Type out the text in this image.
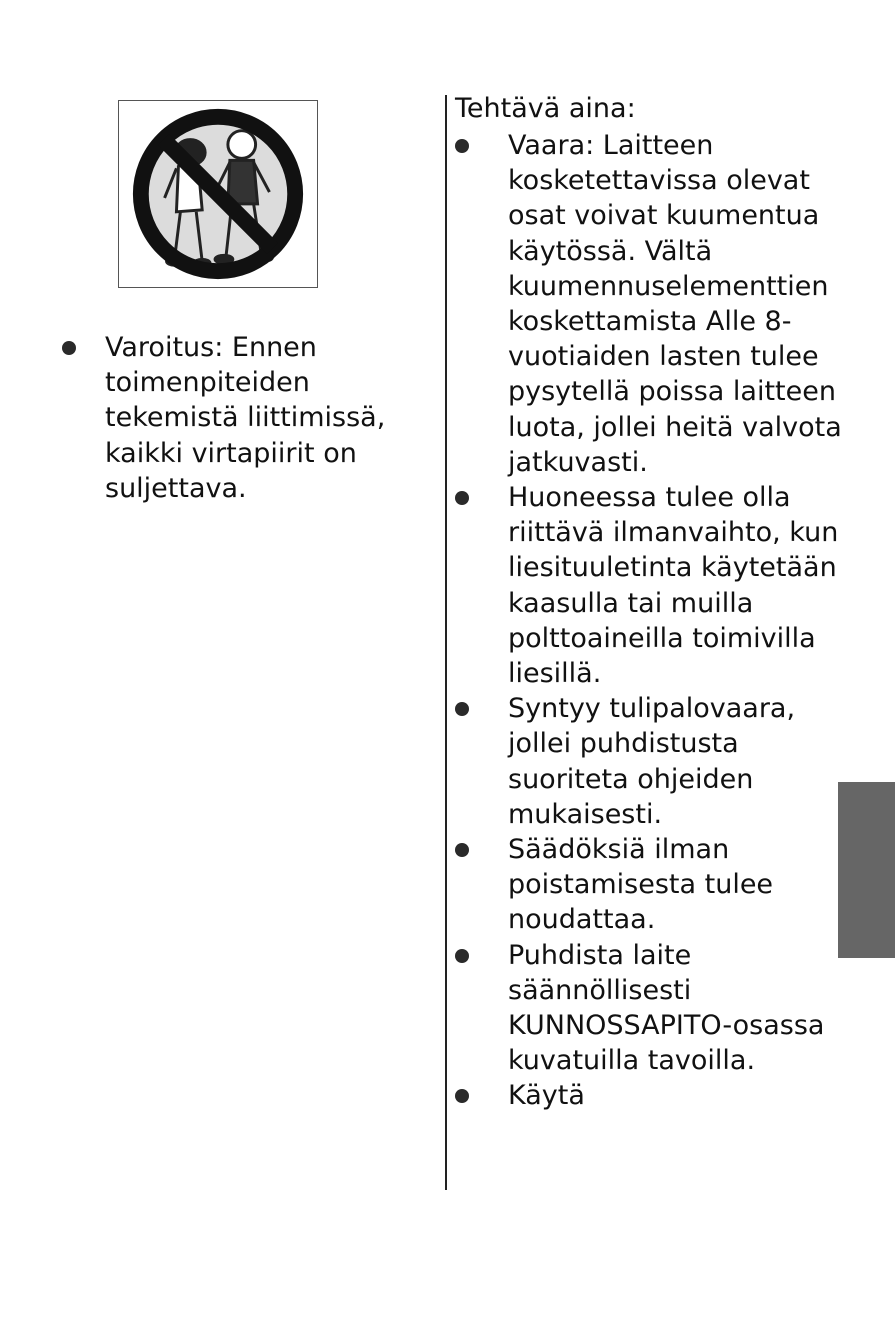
Varoitus: Ennen toimenpiteiden tekemistä liittimissä, kaikki virtapiirit on suljettava.
Tehtävä aina:
Vaara: Laitteen kosketettavissa olevat osat voivat kuumentua käytössä. Vältä kuumennuselementtien koskettamista Alle 8-vuotiaiden lasten tulee pysytellä poissa laitteen luota, jollei heitä valvota jatkuvasti.
Huoneessa tulee olla riittävä ilmanvaihto, kun liesituuletinta käytetään kaasulla tai muilla polttoaineilla toimivilla liesillä.
Syntyy tulipalovaara, jollei puhdistusta suoriteta ohjeiden mukaisesti.
Säädöksiä ilman poistamisesta tulee noudattaa.
Puhdista laite säännöllisesti KUNNOSSAPITO-osassa kuvatuilla tavoilla.
Käytä
